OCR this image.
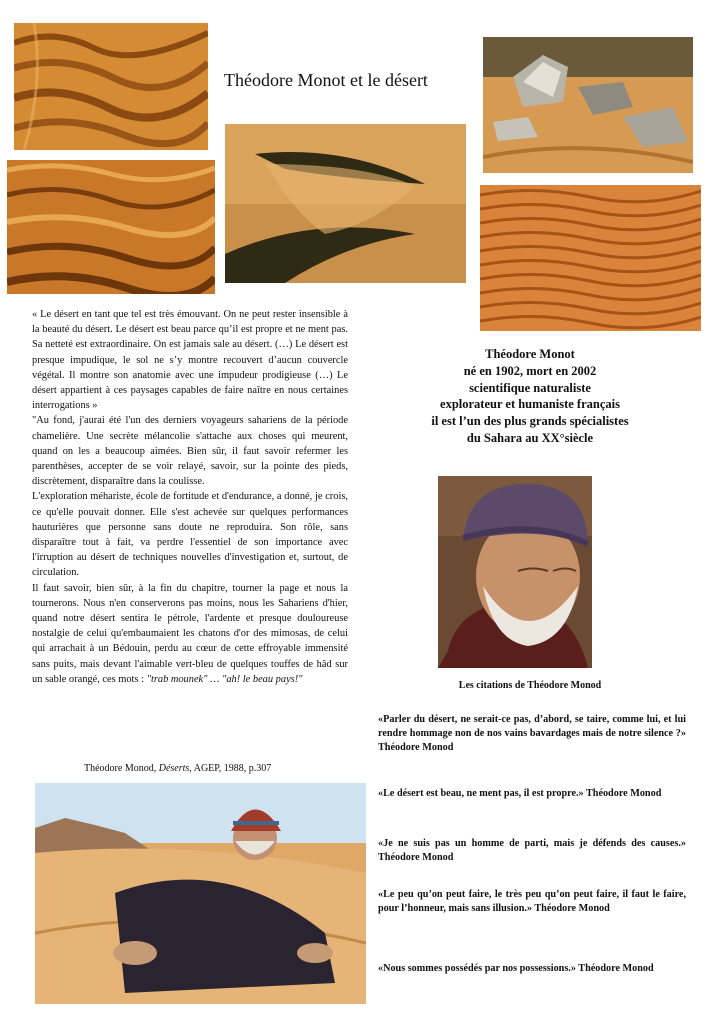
Théodore Monot et le désert

« Le désert en tant que tel est très émouvant. On ne peut rester insensible à la beauté du désert. Le désert est beau parce qu’il est propre et ne ment pas. Sa netteté est extraordinaire. On est jamais sale au désert. (…) Le désert est presque impudique, le sol ne s’y montre recouvert d’aucun couvercle végétal. Il montre son anatomie avec une impudeur prodigieuse (…) Le désert appartient à ces paysages capables de faire naître en nous certaines interrogations »

"Au fond, j'aurai été l'un des derniers voyageurs sahariens de la période chamelière. Une secrète mélancolie s'attache aux choses qui meurent, quand on les a beaucoup aimées. Bien sûr, il faut savoir refermer les parenthèses, accepter de se voir relayé, savoir, sur la pointe des pieds, discrètement, disparaître dans la coulisse.

L'exploration méhariste, école de fortitude et d'endurance, a donné, je crois, ce qu'elle pouvait donner. Elle s'est achevée sur quelques performances hauturières que personne sans doute ne reproduira. Son rôle, sans disparaître tout à fait, va perdre l'essentiel de son importance avec l'irruption au désert de techniques nouvelles d'investigation et, surtout, de circulation.

Il faut savoir, bien sûr, à la fin du chapitre, tourner la page et nous la tournerons. Nous n'en conserverons pas moins, nous les Sahariens d'hier, quand notre désert sentira le pétrole, l'ardente et presque douloureuse nostalgie de celui qu'embaumaient les chatons d'or des mimosas, de celui qui arrachait à un Bédouin, perdu au cœur de cette effroyable immensité sans puits, mais devant l'aimable vert-bleu de quelques touffes de hâd sur un sable orangé, ces mots : "trab mounek" … "ah! le beau pays!"

Théodore Monod, Déserts, AGEP, 1988, p.307
Théodore Monot
né en 1902, mort en 2002
scientifique naturaliste
explorateur et humaniste français
il est l’un des plus grands spécialistes
du Sahara au XX°siècle
Les citations de Théodore Monod
«Parler du désert, ne serait-ce pas, d’abord, se taire, comme lui, et lui rendre hommage non de nos vains bavardages mais de notre silence ?» Théodore Monod
«Le désert est beau, ne ment pas, il est propre.» Théodore Monod
«Je ne suis pas un homme de parti, mais je défends des causes.» Théodore Monod
«Le peu qu’on peut faire, le très peu qu’on peut faire, il faut le faire, pour l’honneur, mais sans illusion.» Théodore Monod
«Nous sommes possédés par nos possessions.» Théodore Monod
